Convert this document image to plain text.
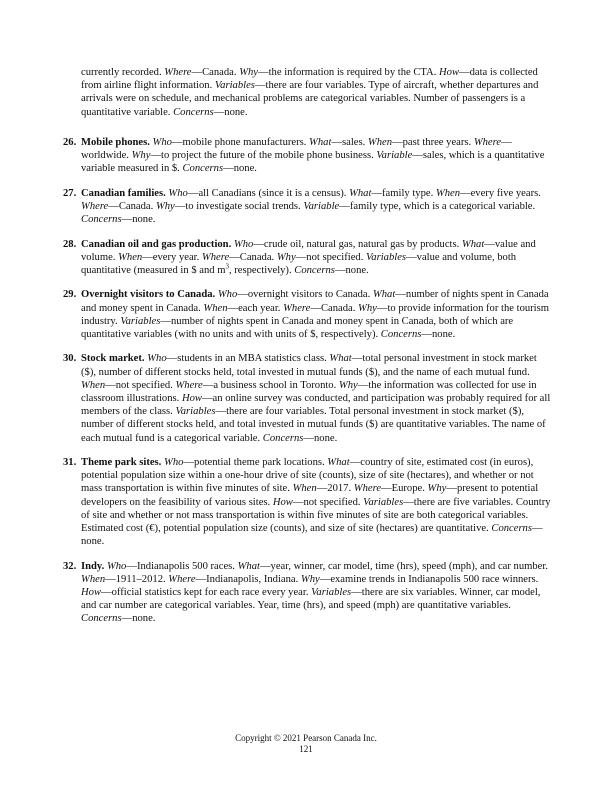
currently recorded. Where—Canada. Why—the information is required by the CTA. How—data is collected from airline flight information. Variables—there are four variables. Type of aircraft, whether departures and arrivals were on schedule, and mechanical problems are categorical variables. Number of passengers is a quantitative variable. Concerns—none.

26. Mobile phones. Who—mobile phone manufacturers. What—sales. When—past three years. Where—worldwide. Why—to project the future of the mobile phone business. Variable—sales, which is a quantitative variable measured in $. Concerns—none.

27. Canadian families. Who—all Canadians (since it is a census). What—family type. When—every five years. Where—Canada. Why—to investigate social trends. Variable—family type, which is a categorical variable. Concerns—none.

28. Canadian oil and gas production. Who—crude oil, natural gas, natural gas by products. What—value and volume. When—every year. Where—Canada. Why—not specified. Variables—value and volume, both quantitative (measured in $ and $m^3$, respectively). Concerns—none.

29. Overnight visitors to Canada. Who—overnight visitors to Canada. What—number of nights spent in Canada and money spent in Canada. When—each year. Where—Canada. Why—to provide information for the tourism industry. Variables—number of nights spent in Canada and money spent in Canada, both of which are quantitative variables (with no units and with units of $, respectively). Concerns—none.

30. Stock market. Who—students in an MBA statistics class. What—total personal investment in stock market ($), number of different stocks held, total invested in mutual funds ($), and the name of each mutual fund. When—not specified. Where—a business school in Toronto. Why—the information was collected for use in classroom illustrations. How—an online survey was conducted, and participation was probably required for all members of the class. Variables—there are four variables. Total personal investment in stock market ($), number of different stocks held, and total invested in mutual funds ($) are quantitative variables. The name of each mutual fund is a categorical variable. Concerns—none.

31. Theme park sites. Who—potential theme park locations. What—country of site, estimated cost (in euros), potential population size within a one-hour drive of site (counts), size of site (hectares), and whether or not mass transportation is within five minutes of site. When—2017. Where—Europe. Why—present to potential developers on the feasibility of various sites. How—not specified. Variables—there are five variables. Country of site and whether or not mass transportation is within five minutes of site are both categorical variables. Estimated cost (€), potential population size (counts), and size of site (hectares) are quantitative. Concerns—none.

32. Indy. Who—Indianapolis 500 races. What—year, winner, car model, time (hrs), speed (mph), and car number. When—1911–2012. Where—Indianapolis, Indiana. Why—examine trends in Indianapolis 500 race winners. How—official statistics kept for each race every year. Variables—there are six variables. Winner, car model, and car number are categorical variables. Year, time (hrs), and speed (mph) are quantitative variables. Concerns—none.

Copyright © 2021 Pearson Canada Inc.
121
